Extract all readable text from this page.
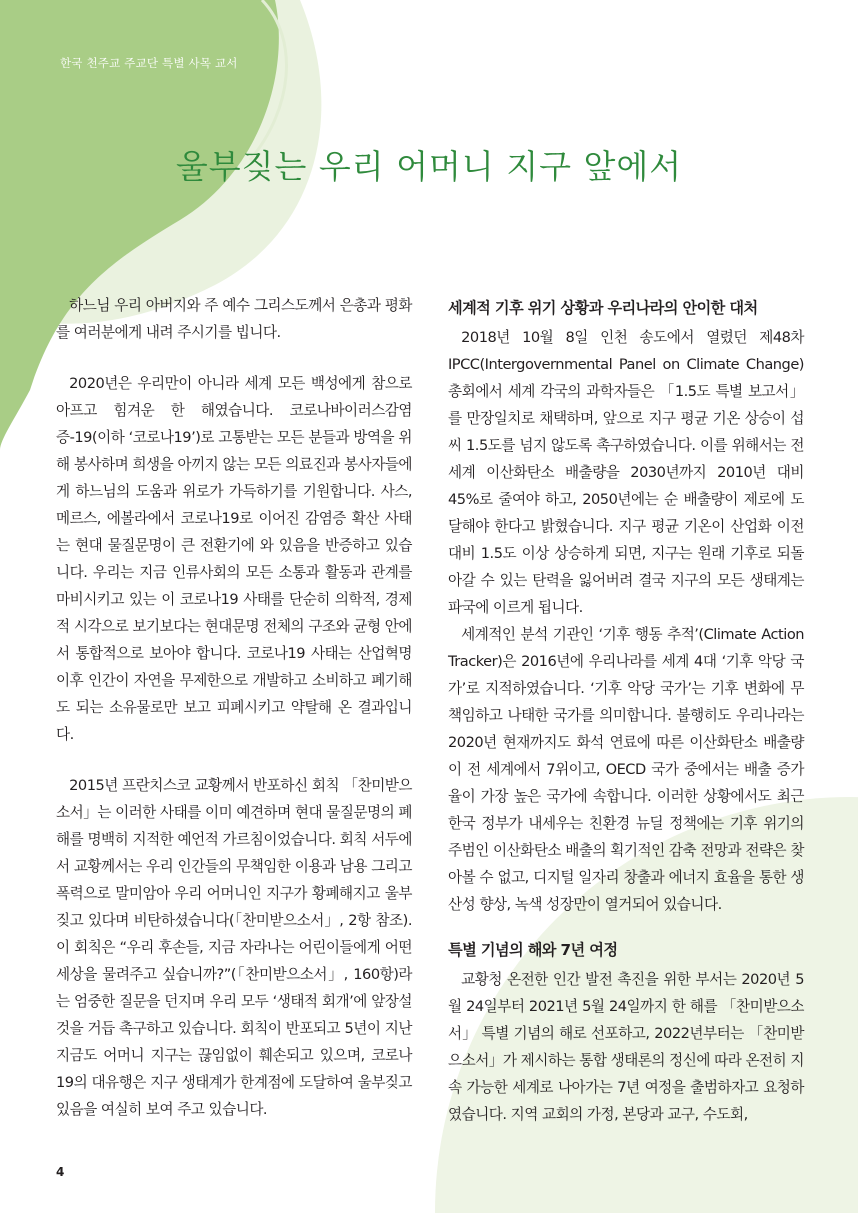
한국 천주교 주교단 특별 사목 교서

울부짖는 우리 어머니 지구 앞에서

하느님 우리 아버지와 주 예수 그리스도께서 은총과 평화를 여러분에게 내려 주시기를 빕니다.

2020년은 우리만이 아니라 세계 모든 백성에게 참으로 아프고 힘겨운 한 해였습니다. 코로나바이러스감염증-19(이하 ‘코로나19’)로 고통받는 모든 분들과 방역을 위해 봉사하며 희생을 아끼지 않는 모든 의료진과 봉사자들에게 하느님의 도움과 위로가 가득하기를 기원합니다. 사스, 메르스, 에볼라에서 코로나19로 이어진 감염증 확산 사태는 현대 물질문명이 큰 전환기에 와 있음을 반증하고 있습니다. 우리는 지금 인류사회의 모든 소통과 활동과 관계를 마비시키고 있는 이 코로나19 사태를 단순히 의학적, 경제적 시각으로 보기보다는 현대문명 전체의 구조와 균형 안에서 통합적으로 보아야 합니다. 코로나19 사태는 산업혁명 이후 인간이 자연을 무제한으로 개발하고 소비하고 폐기해도 되는 소유물로만 보고 피폐시키고 약탈해 온 결과입니다.

2015년 프란치스코 교황께서 반포하신 회칙 「찬미받으소서」는 이러한 사태를 이미 예견하며 현대 물질문명의 폐해를 명백히 지적한 예언적 가르침이었습니다. 회칙 서두에서 교황께서는 우리 인간들의 무책임한 이용과 남용 그리고 폭력으로 말미암아 우리 어머니인 지구가 황폐해지고 울부짖고 있다며 비탄하셨습니다(「찬미받으소서」, 2항 참조). 이 회칙은 “우리 후손들, 지금 자라나는 어린이들에게 어떤 세상을 물려주고 싶습니까?”(「찬미받으소서」, 160항)라는 엄중한 질문을 던지며 우리 모두 ‘생태적 회개’에 앞장설 것을 거듭 촉구하고 있습니다. 회칙이 반포되고 5년이 지난 지금도 어머니 지구는 끊임없이 훼손되고 있으며, 코로나19의 대유행은 지구 생태계가 한계점에 도달하여 울부짖고 있음을 여실히 보여 주고 있습니다.

세계적 기후 위기 상황과 우리나라의 안이한 대처

2018년 10월 8일 인천 송도에서 열렸던 제48차 IPCC(Intergovernmental Panel on Climate Change) 총회에서 세계 각국의 과학자들은 「1.5도 특별 보고서」를 만장일치로 채택하며, 앞으로 지구 평균 기온 상승이 섭씨 1.5도를 넘지 않도록 촉구하였습니다. 이를 위해서는 전 세계 이산화탄소 배출량을 2030년까지 2010년 대비 45%로 줄여야 하고, 2050년에는 순 배출량이 제로에 도달해야 한다고 밝혔습니다. 지구 평균 기온이 산업화 이전 대비 1.5도 이상 상승하게 되면, 지구는 원래 기후로 되돌아갈 수 있는 탄력을 잃어버려 결국 지구의 모든 생태계는 파국에 이르게 됩니다.

세계적인 분석 기관인 ‘기후 행동 추적’(Climate Action Tracker)은 2016년에 우리나라를 세계 4대 ‘기후 악당 국가’로 지적하였습니다. ‘기후 악당 국가’는 기후 변화에 무책임하고 나태한 국가를 의미합니다. 불행히도 우리나라는 2020년 현재까지도 화석 연료에 따른 이산화탄소 배출량이 전 세계에서 7위이고, OECD 국가 중에서는 배출 증가율이 가장 높은 국가에 속합니다. 이러한 상황에서도 최근 한국 정부가 내세우는 친환경 뉴딜 정책에는 기후 위기의 주범인 이산화탄소 배출의 획기적인 감축 전망과 전략은 찾아볼 수 없고, 디지털 일자리 창출과 에너지 효율을 통한 생산성 향상, 녹색 성장만이 열거되어 있습니다.

특별 기념의 해와 7년 여정

교황청 온전한 인간 발전 촉진을 위한 부서는 2020년 5월 24일부터 2021년 5월 24일까지 한 해를 「찬미받으소서」 특별 기념의 해로 선포하고, 2022년부터는 「찬미받으소서」가 제시하는 통합 생태론의 정신에 따라 온전히 지속 가능한 세계로 나아가는 7년 여정을 출범하자고 요청하였습니다. 지역 교회의 가정, 본당과 교구, 수도회,

4
